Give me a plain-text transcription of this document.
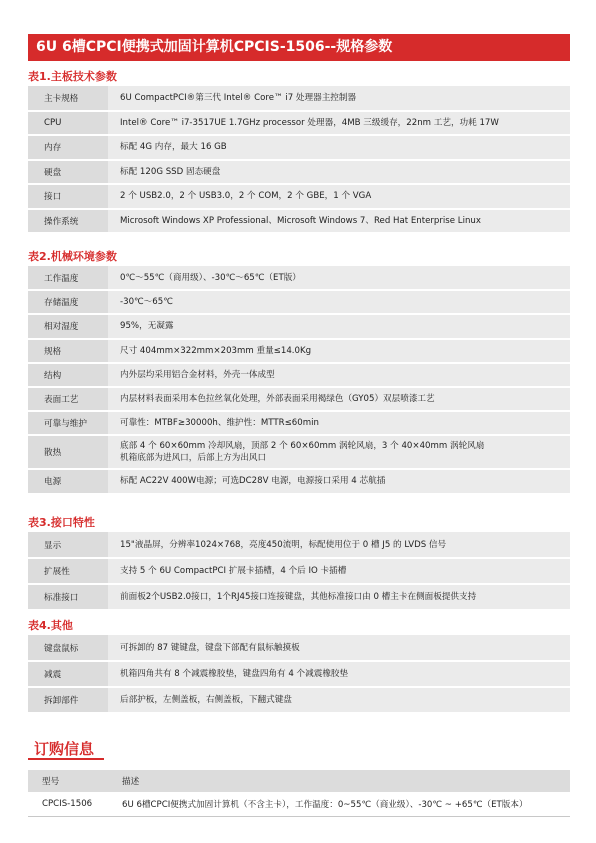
6U 6槽CPCI便携式加固计算机CPCIS-1506--规格参数
表1.主板技术参数
主卡规格	6U CompactPCI®第三代 Intel® Core™ i7 处理器主控制器

CPU	Intel® Core™ i7-3517UE 1.7GHz processor 处理器，4MB 三级缓存，22nm 工艺，功耗 17W

内存	标配 4G 内存，最大 16 GB

硬盘	标配 120G SSD 固态硬盘

接口	2 个 USB2.0，2 个 USB3.0，2 个 COM，2 个 GBE，1 个 VGA

操作系统	Microsoft Windows XP Professional、Microsoft Windows 7、Red Hat Enterprise Linux
表2.机械环境参数
工作温度	0℃～55℃（商用级）、-30℃～65℃（ET版）

存储温度	-30℃～65℃

相对湿度	95%，无凝露

规格	尺寸 404mm×322mm×203mm 重量≤14.0Kg

结构	内外层均采用铝合金材料，外壳一体成型

表面工艺	内层材料表面采用本色拉丝氧化处理，外部表面采用褐绿色（GY05）双层喷漆工艺

可靠与维护	可靠性：MTBF≥30000h、维护性：MTTR≤60min

散热	底部 4 个 60×60mm 冷却风扇，顶部 2 个 60×60mm 涡轮风扇，3 个 40×40mm 涡轮风扇
机箱底部为进风口，后部上方为出风口

电源	标配 AC22V 400W电源；可选DC28V 电源，电源接口采用 4 芯航插
表3.接口特性
显示	15"液晶屏，分辨率1024×768，亮度450流明，标配使用位于 0 槽 J5 的 LVDS 信号

扩展性	支持 5 个 6U CompactPCI 扩展卡插槽，4 个后 IO 卡插槽

标准接口	前面板2个USB2.0接口，1个RJ45接口连接键盘，其他标准接口由 0 槽主卡在侧面板提供支持
表4.其他
键盘鼠标	可拆卸的 87 键键盘，键盘下部配有鼠标触摸板

减震	机箱四角共有 8 个减震橡胶垫，键盘四角有 4 个减震橡胶垫

拆卸部件	后部护板，左侧盖板，右侧盖板，下翻式键盘
订购信息
型号	描述
CPCIS-1506	6U 6槽CPCI便携式加固计算机（不含主卡），工作温度：0~55℃（商业级）、-30℃ ~ +65℃（ET版本）
